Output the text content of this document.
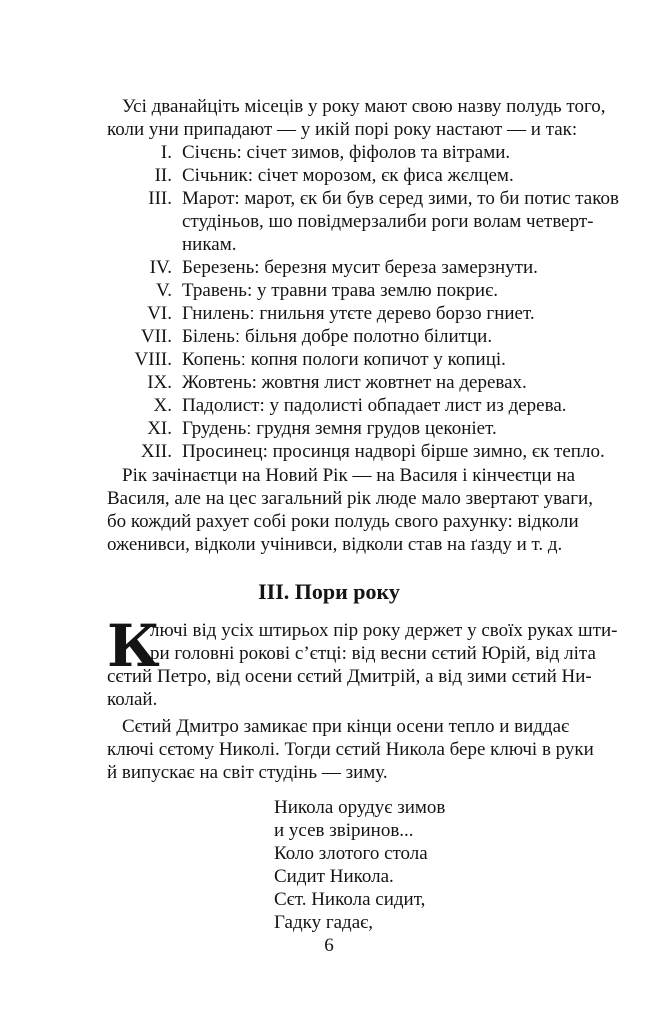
Усі дванайціть місеців у року мают свою назву полудь того,
коли уни припадают — у икій порі року настают — и так:
I. Січєнь: січет зимов, фіфолов та вітрами.
II. Січьник: січет морозом, єк фиса жєлцем.
III. Марот: марот, єк би був серед зими, то би потис таков
студіньов, шо повідмерзалиби роги волам четверт-
никам.
IV. Березень: березня мусит береза замерзнути.
V. Травень: у травни трава землю покриє.
VI. Гниленьː гнильня утєте дерево борзо гниет.
VII. Біленьː більня добре полотно білитци.
VIII. Копеньː копня пологи копичот у копиці.
IX. Жовтень: жовтня лист жовтнет на деревах.
X. Падолист: у падолисті обпадает лист из дерева.
XI. Груденьː грудня земня грудов цеконіет.
XII. Просинец: просинця надворі бірше зимно, єк тепло.
Рік зачінаєтци на Новий Рік — на Василя і кінчеєтци на
Василя, але на цес загальний рік люде мало звертают уваги,
бо кождий рахует собі роки полудь свого рахунку: відколи
оженивси, відколи учінивси, відколи став на ґазду и т. д.
III. Пори року
К
лючі від усіх штирьох пір року держет у своїх руках шти-
ри головні рокові с’єтці: від весни сєтий Юрій, від літа
сєтий Петро, від осени сєтий Дмитрій, а від зими сєтий Ни-
колай.
Сєтий Дмитро замикає при кінци осени тепло и виддає
ключі сєтому Николі. Тогди сєтий Никола бере ключі в руки
й випускає на світ студінь — зиму.
Никола орудує зимов
и усев звіринов...
Коло злотого стола
Сидит Никола.
Сєт. Никола сидит,
Гадку гадає,
6
